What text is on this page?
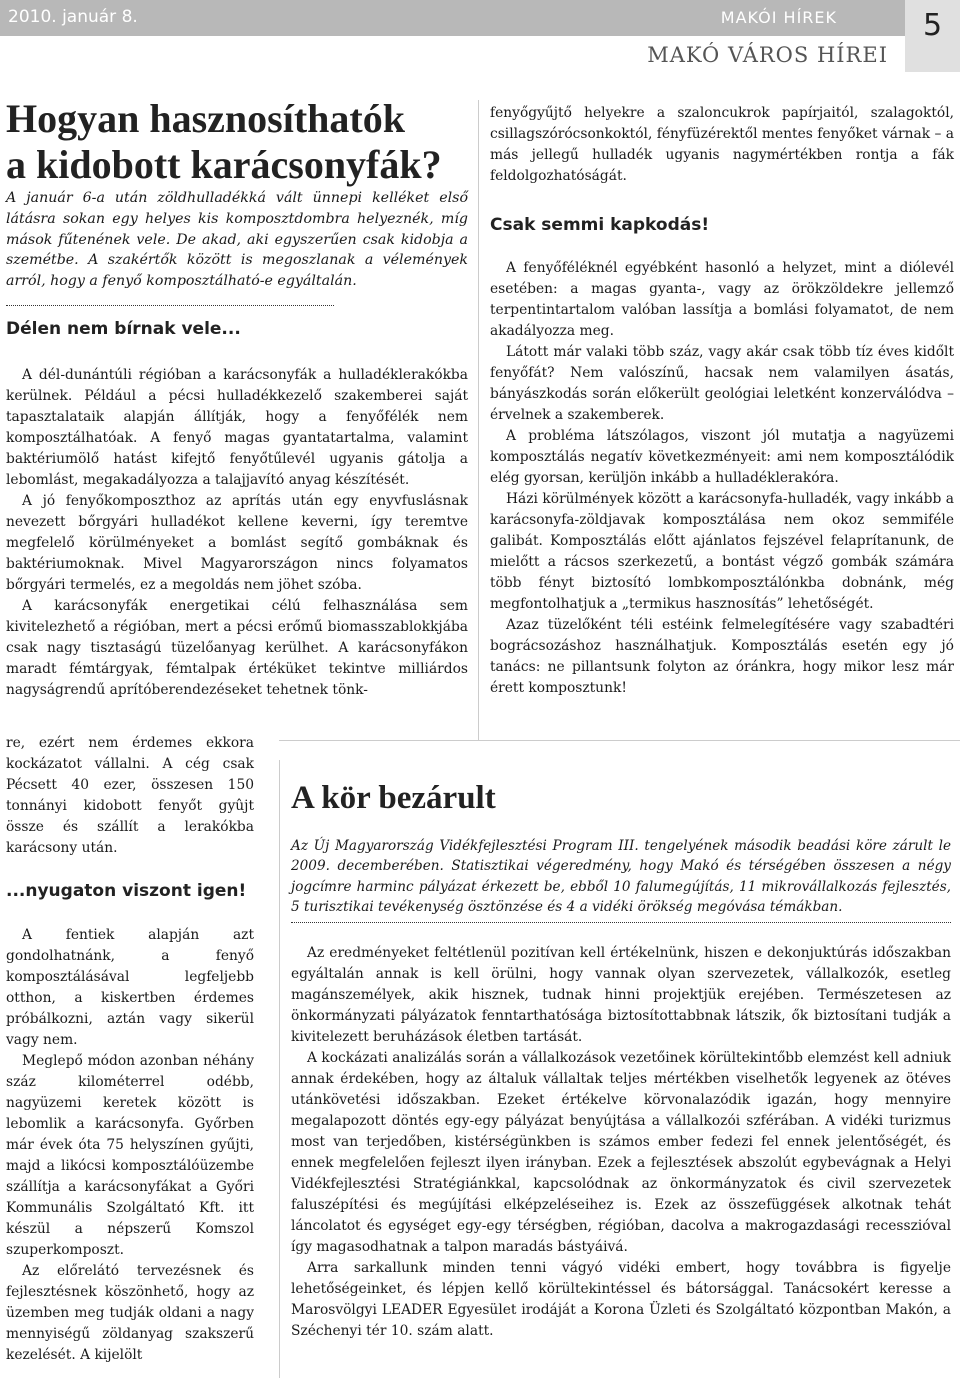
2010. január 8.	MAKÓI HÍREK
MAKÓ VÁROS HÍREI
5
Hogyan hasznosíthatók
a kidobott karácsonyfák?

A január 6-a után zöldhulladékká vált ünnepi kelléket első látásra sokan egy helyes kis komposztdombra helyeznék, míg mások fűtenének vele. De akad, aki egyszerűen csak kidobja a szemétbe. A szakértők között is megoszlanak a vélemények arról, hogy a fenyő komposztálható-e egyáltalán.

Délen nem bírnak vele...

A dél-dunántúli régióban a karácsonyfák a hulladéklerakókba kerülnek. Például a pécsi hulladékkezelő szakemberei saját tapasztalataik alapján állítják, hogy a fenyőfélék nem komposztálhatóak. A fenyő magas gyantatartalma, valamint baktériumölő hatást kifejtő fenyőtűlevél ugyanis gátolja a lebomlást, megakadályozza a talajjavító anyag készítését.

A jó fenyőkomposzthoz az aprítás után egy enyvfuslásnak nevezett bőrgyári hulladékot kellene keverni, így teremtve megfelelő körülményeket a bomlást segítő gombáknak és baktériumoknak. Mivel Magyarországon nincs folyamatos bőrgyári termelés, ez a megoldás nem jöhet szóba.

A karácsonyfák energetikai célú felhasználása sem kivitelezhető a régióban, mert a pécsi erőmű biomasszablokkjába csak nagy tisztaságú tüzelőanyag kerülhet. A karácsonyfákon maradt fémtárgyak, fémtalpak értéküket tekintve milliárdos nagyságrendű aprítóberendezéseket tehetnek tönk-

re, ezért nem érdemes ekkora kockázatot vállalni. A cég csak Pécsett 40 ezer, összesen 150 tonnányi kidobott fenyőt gyûjt össze és szállít a lerakókba karácsony után.

...nyugaton viszont igen!

A fentiek alapján azt gondolhatnánk, a fenyő komposztálásával legfeljebb otthon, a kiskertben érdemes próbálkozni, aztán vagy sikerül vagy nem.

Meglepő módon azonban néhány száz kilométerrel odébb, nagyüzemi keretek között is lebomlik a karácsonyfa. Győrben már évek óta 75 helyszínen gyűjti, majd a likócsi komposztálóüzembe szállítja a karácsonyfákat a Győri Kommunális Szolgáltató Kft. itt készül a népszerű Komszol szuperkomposzt.

Az előrelátó tervezésnek és fejlesztésnek köszönhető, hogy az üzemben meg tudják oldani a nagy mennyiségű zöldanyag szakszerű kezelését. A kijelölt

fenyőgyűjtő helyekre a szaloncukrok papírjaitól, szalagoktól, csillagszórócsonkoktól, fényfüzérektől mentes fenyőket várnak – a más jellegű hulladék ugyanis nagymértékben rontja a fák feldolgozhatóságát.

Csak semmi kapkodás!

A fenyőféléknél egyébként hasonló a helyzet, mint a diólevél esetében: a magas gyanta-, vagy az örökzöldekre jellemző terpentintartalom valóban lassítja a bomlási folyamatot, de nem akadályozza meg.

Látott már valaki több száz, vagy akár csak több tíz éves kidőlt fenyőfát? Nem valószínű, hacsak nem valamilyen ásatás, bányászkodás során előkerült geológiai leletként konzerválódva – érvelnek a szakemberek.

A probléma látszólagos, viszont jól mutatja a nagyüzemi komposztálás negatív következményeit: ami nem komposztálódik elég gyorsan, kerüljön inkább a hulladéklerakóra.

Házi körülmények között a karácsonyfa-hulladék, vagy inkább a karácsonyfa-zöldjavak komposztálása nem okoz semmiféle galibát. Komposztálás előtt ajánlatos fejszével felaprítanunk, de mielőtt a rácsos szerkezetű, a bontást végző gombák számára több fényt biztosító lombkomposztálónkba dobnánk, még megfontolhatjuk a „termikus hasznosítás” lehetőségét.

Azaz tüzelőként téli estéink felmelegítésére vagy szabadtéri bográcsozáshoz használhatjuk. Komposztálás esetén egy jó tanács: ne pillantsunk folyton az óránkra, hogy mikor lesz már érett komposztunk!

A kör bezárult

Az Új Magyarország Vidékfejlesztési Program III. tengelyének második beadási köre zárult le 2009. decemberében. Statisztikai végeredmény, hogy Makó és térségében összesen a négy jogcímre harminc pályázat érkezett be, ebből 10 falumegújítás, 11 mikrovállalkozás fejlesztés, 5 turisztikai tevékenység ösztönzése és 4 a vidéki örökség megóvása témákban.

Az eredményeket feltétlenül pozitívan kell értékelnünk, hiszen e dekonjuktúrás időszakban egyáltalán annak is kell örülni, hogy vannak olyan szervezetek, vállalkozók, esetleg magánszemélyek, akik hisznek, tudnak hinni projektjük erejében. Természetesen az önkormányzati pályázatok fenntarthatósága biztosítottabbnak látszik, ők biztosítani tudják a kivitelezett beruházások életben tartását.

A kockázati analizálás során a vállalkozások vezetőinek körültekintőbb elemzést kell adniuk annak érdekében, hogy az általuk vállaltak teljes mértékben viselhetők legyenek az ötéves utánkövetési időszakban. Ezeket értékelve körvonalazódik igazán, hogy mennyire megalapozott döntés egy-egy pályázat benyújtása a vállalkozói szférában. A vidéki turizmus most van terjedőben, kistérségünkben is számos ember fedezi fel ennek jelentőségét, és ennek megfelelően fejleszt ilyen irányban. Ezek a fejlesztések abszolút egybevágnak a Helyi Vidékfejlesztési Stratégiánkkal, kapcsolódnak az önkormányzatok és civil szervezetek faluszépítési és megújítási elképzeléseihez is. Ezek az összefüggések alkotnak tehát láncolatot és egységet egy-egy térségben, régióban, dacolva a makrogazdasági recesszióval így magasodhatnak a talpon maradás bástyáivá.

Arra sarkallunk minden tenni vágyó vidéki embert, hogy továbbra is figyelje lehetőségeinket, és lépjen kellő körültekintéssel és bátorsággal. Tanácsokért keresse a Marosvölgyi LEADER Egyesület irodáját a Korona Üzleti és Szolgáltató központban Makón, a Széchenyi tér 10. szám alatt.
